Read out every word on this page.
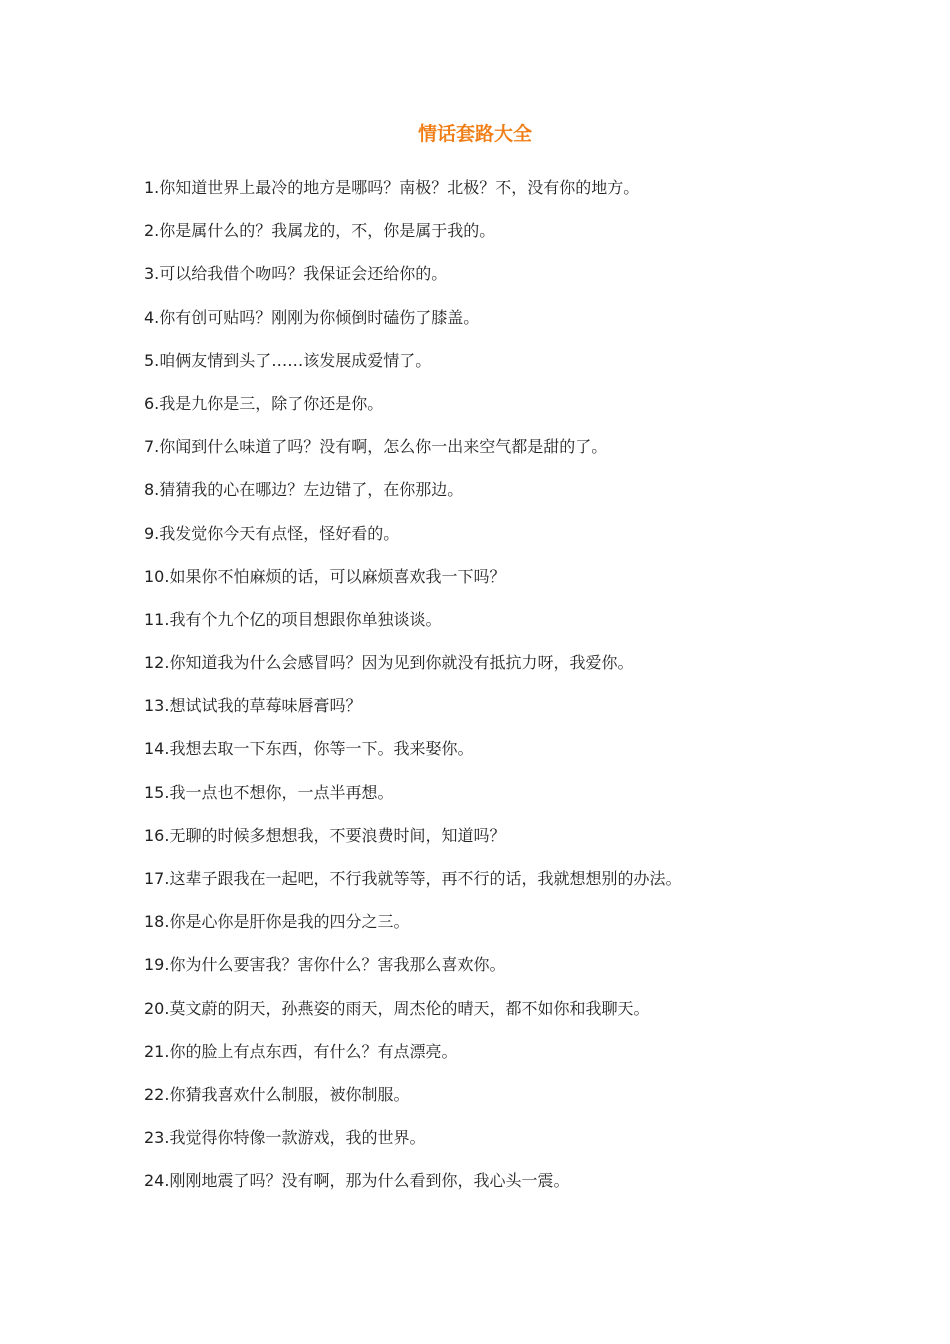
情话套路大全
1.你知道世界上最冷的地方是哪吗？南极？北极？不，没有你的地方。
2.你是属什么的？我属龙的，不，你是属于我的。
3.可以给我借个吻吗？我保证会还给你的。
4.你有创可贴吗？刚刚为你倾倒时磕伤了膝盖。
5.咱俩友情到头了……该发展成爱情了。
6.我是九你是三，除了你还是你。
7.你闻到什么味道了吗？没有啊，怎么你一出来空气都是甜的了。
8.猜猜我的心在哪边？左边错了，在你那边。
9.我发觉你今天有点怪，怪好看的。
10.如果你不怕麻烦的话，可以麻烦喜欢我一下吗？
11.我有个九个亿的项目想跟你单独谈谈。
12.你知道我为什么会感冒吗？因为见到你就没有抵抗力呀，我爱你。
13.想试试我的草莓味唇膏吗？
14.我想去取一下东西，你等一下。我来娶你。
15.我一点也不想你，一点半再想。
16.无聊的时候多想想我，不要浪费时间，知道吗？
17.这辈子跟我在一起吧，不行我就等等，再不行的话，我就想想别的办法。
18.你是心你是肝你是我的四分之三。
19.你为什么要害我？害你什么？害我那么喜欢你。
20.莫文蔚的阴天，孙燕姿的雨天，周杰伦的晴天，都不如你和我聊天。
21.你的脸上有点东西，有什么？有点漂亮。
22.你猜我喜欢什么制服，被你制服。
23.我觉得你特像一款游戏，我的世界。
24.刚刚地震了吗？没有啊，那为什么看到你，我心头一震。
